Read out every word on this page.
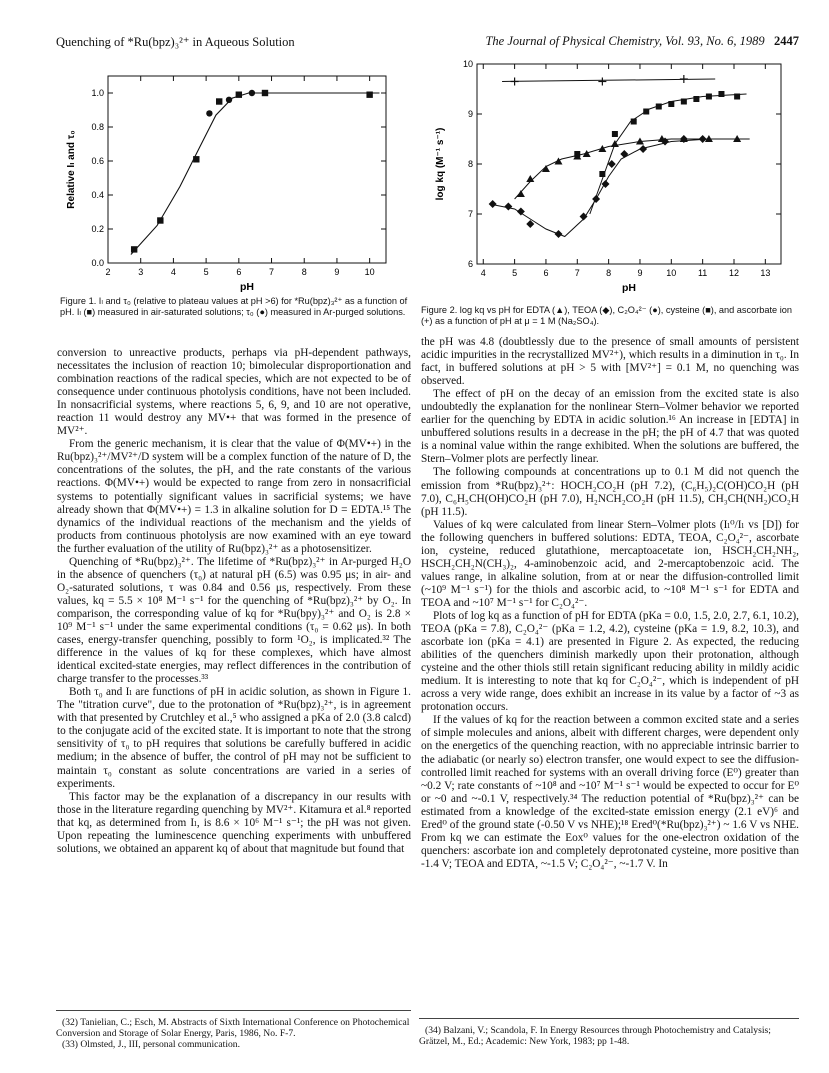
Quenching of *Ru(bpz)₃²⁺ in Aqueous Solution	The Journal of Physical Chemistry, Vol. 93, No. 6, 1989 2447
2	3	4	5	6	7	8	9	10
0.0
0.2
0.4
0.6
0.8
1.0
pH
Relative Iₗ and τ₀
4	5	6	7	8	9	10 11 12 13
6
7
8
9
10
pH
log kq (M⁻¹ s⁻¹)
Figure 1. Iₗ and τ₀ (relative to plateau values at pH >6) for *Ru(bpz)₃²⁺ as a function of pH. Iₗ (■) measured in air-saturated solutions; τ₀ (●) measured in Ar-purged solutions.	Figure 2. log kq vs pH for EDTA (▲), TEOA (◆), C₂O₄²⁻ (●), cysteine (■), and ascorbate ion (+) as a function of pH at μ = 1 M (Na₂SO₄).

conversion to unreactive products, perhaps via pH-dependent pathways, necessitates the inclusion of reaction 10; bimolecular disproportionation and combination reactions of the radical species, which are not expected to be of consequence under continuous photolysis conditions, have not been included. In nonsacrificial systems, where reactions 5, 6, 9, and 10 are not operative, reaction 11 would destroy any MV•+ that was formed in the presence of MV²⁺.

From the generic mechanism, it is clear that the value of Φ(MV•+) in the Ru(bpz)₃²⁺/MV²⁺/D system will be a complex function of the nature of D, the concentrations of the solutes, the pH, and the rate constants of the various reactions. Φ(MV•+) would be expected to range from zero in nonsacrificial systems to potentially significant values in sacrificial systems; we have already shown that Φ(MV•+) = 1.3 in alkaline solution for D = EDTA.¹⁵ The dynamics of the individual reactions of the mechanism and the yields of products from continuous photolysis are now examined with an eye toward the further evaluation of the utility of Ru(bpz)₃²⁺ as a photosensitizer.

Quenching of *Ru(bpz)₃²⁺. The lifetime of *Ru(bpz)₃²⁺ in Ar-purged H₂O in the absence of quenchers (τ₀) at natural pH (6.5) was 0.95 μs; in air- and O₂-saturated solutions, τ was 0.84 and 0.56 μs, respectively. From these values, kq = 5.5 × 10⁸ M⁻¹ s⁻¹ for the quenching of *Ru(bpz)₃²⁺ by O₂. In comparison, the corresponding value of kq for *Ru(bpy)₃²⁺ and O₂ is 2.8 × 10⁹ M⁻¹ s⁻¹ under the same experimental conditions (τ₀ = 0.62 μs). In both cases, energy-transfer quenching, possibly to form ¹O₂, is implicated.³² The difference in the values of kq for these complexes, which have almost identical excited-state energies, may reflect differences in the contribution of charge transfer to the processes.³³

Both τ₀ and Iₗ are functions of pH in acidic solution, as shown in Figure 1. The "titration curve", due to the protonation of *Ru(bpz)₃²⁺, is in agreement with that presented by Crutchley et al.,⁵ who assigned a pKa of 2.0 (3.8 calcd) to the conjugate acid of the excited state. It is important to note that the strong sensitivity of τ₀ to pH requires that solutions be carefully buffered in acidic medium; in the absence of buffer, the control of pH may not be sufficient to maintain τ₀ constant as solute concentrations are varied in a series of experiments.

This factor may be the explanation of a discrepancy in our results with those in the literature regarding quenching by MV²⁺. Kitamura et al.⁸ reported that kq, as determined from Iₗ, is 8.6 × 10⁶ M⁻¹ s⁻¹; the pH was not given. Upon repeating the luminescence quenching experiments with unbuffered solutions, we obtained an apparent kq of about that magnitude but found that

the pH was 4.8 (doubtlessly due to the presence of small amounts of persistent acidic impurities in the recrystallized MV²⁺), which results in a diminution in τ₀. In fact, in buffered solutions at pH > 5 with [MV²⁺] = 0.1 M, no quenching was observed.

The effect of pH on the decay of an emission from the excited state is also undoubtedly the explanation for the nonlinear Stern–Volmer behavior we reported earlier for the quenching by EDTA in acidic solution.¹⁶ An increase in [EDTA] in unbuffered solutions results in a decrease in the pH; the pH of 4.7 that was quoted is a nominal value within the range exhibited. When the solutions are buffered, the Stern–Volmer plots are perfectly linear.

The following compounds at concentrations up to 0.1 M did not quench the emission from *Ru(bpz)₃²⁺: HOCH₂CO₂H (pH 7.2), (C₆H₅)₂C(OH)CO₂H (pH 7.0), C₆H₅CH(OH)CO₂H (pH 7.0), H₂NCH₂CO₂H (pH 11.5), CH₃CH(NH₂)CO₂H (pH 11.5).

Values of kq were calculated from linear Stern–Volmer plots (Iₗ⁰/Iₗ vs [D]) for the following quenchers in buffered solutions: EDTA, TEOA, C₂O₄²⁻, ascorbate ion, cysteine, reduced glutathione, mercaptoacetate ion, HSCH₂CH₂NH₂, HSCH₂CH₂N(CH₃)₂, 4-aminobenzoic acid, and 2-mercaptobenzoic acid. The values range, in alkaline solution, from at or near the diffusion-controlled limit (~10⁹ M⁻¹ s⁻¹) for the thiols and ascorbic acid, to ~10⁸ M⁻¹ s⁻¹ for EDTA and TEOA and ~10⁷ M⁻¹ s⁻¹ for C₂O₄²⁻.

Plots of log kq as a function of pH for EDTA (pKa = 0.0, 1.5, 2.0, 2.7, 6.1, 10.2), TEOA (pKa = 7.8), C₂O₄²⁻ (pKa = 1.2, 4.2), cysteine (pKa = 1.9, 8.2, 10.3), and ascorbate ion (pKa = 4.1) are presented in Figure 2. As expected, the reducing abilities of the quenchers diminish markedly upon their protonation, although cysteine and the other thiols still retain significant reducing ability in mildly acidic medium. It is interesting to note that kq for C₂O₄²⁻, which is independent of pH across a very wide range, does exhibit an increase in its value by a factor of ~3 as protonation occurs.

If the values of kq for the reaction between a common excited state and a series of simple molecules and anions, albeit with different charges, were dependent only on the energetics of the quenching reaction, with no appreciable intrinsic barrier to the adiabatic (or nearly so) electron transfer, one would expect to see the diffusion-controlled limit reached for systems with an overall driving force (E⁰) greater than ~0.2 V; rate constants of ~10⁸ and ~10⁷ M⁻¹ s⁻¹ would be expected to occur for E⁰ or ~0 and ~-0.1 V, respectively.³⁴ The reduction potential of *Ru(bpz)₃²⁺ can be estimated from a knowledge of the excited-state emission energy (2.1 eV)⁶ and Ered⁰ of the ground state (-0.50 V vs NHE);¹⁸ Ered⁰(*Ru(bpz)₃²⁺) ~ 1.6 V vs NHE. From kq we can estimate the Eox⁰ values for the one-electron oxidation of the quenchers: ascorbate ion and completely deprotonated cysteine, more positive than -1.4 V; TEOA and EDTA, ~-1.5 V; C₂O₄²⁻, ~-1.7 V. In

(32) Tanielian, C.; Esch, M. Abstracts of Sixth International Conference on Photochemical Conversion and Storage of Solar Energy, Paris, 1986, No. F-7.
(33) Olmsted, J., III, personal communication.
(34) Balzani, V.; Scandola, F. In Energy Resources through Photochemistry and Catalysis; Grätzel, M., Ed.; Academic: New York, 1983; pp 1-48.
